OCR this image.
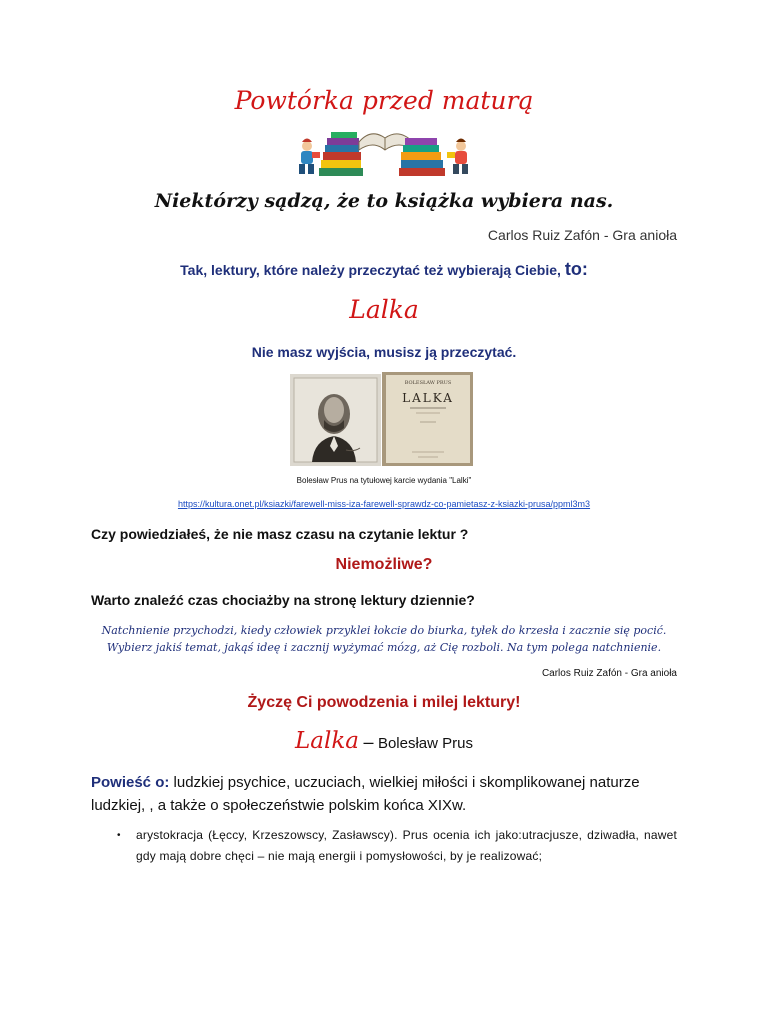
Powtórka przed maturą
Niektórzy sądzą, że to książka wybiera nas.
Carlos Ruiz Zafón - Gra anioła
Tak, lektury, które należy przeczytać też wybierają Ciebie, to:
Lalka
Nie masz wyjścia, musisz ją przeczytać.
BOLESŁAW PRUS
LALKA
Bolesław Prus na tytułowej karcie wydania "Lalki"
https://kultura.onet.pl/ksiazki/farewell-miss-iza-farewell-sprawdz-co-pamietasz-z-ksiazki-prusa/ppml3m3
Czy powiedziałeś, że nie masz czasu na czytanie lektur ?
Niemożliwe?
Warto znaleźć czas chociażby na stronę lektury dziennie?
Natchnienie przychodzi, kiedy człowiek przyklei łokcie do biurka, tyłek do krzesła i zacznie się pocić.
Wybierz jakiś temat, jakąś ideę i zacznij wyżymać mózg, aż Cię rozboli. Na tym polega natchnienie.
Carlos Ruiz Zafón - Gra anioła
Życzę Ci powodzenia i milej lektury!
Lalka – Bolesław Prus
Powieść o: ludzkiej psychice, uczuciach, wielkiej miłości i skomplikowanej naturze ludzkiej, , a także o społeczeństwie polskim końca XIXw.
•	arystokracja (Łęccy, Krzeszowscy, Zasławscy). Prus ocenia ich jako:utracjusze, dziwadła, nawet gdy mają dobre chęci – nie mają energii i pomysłowości, by je realizować;
